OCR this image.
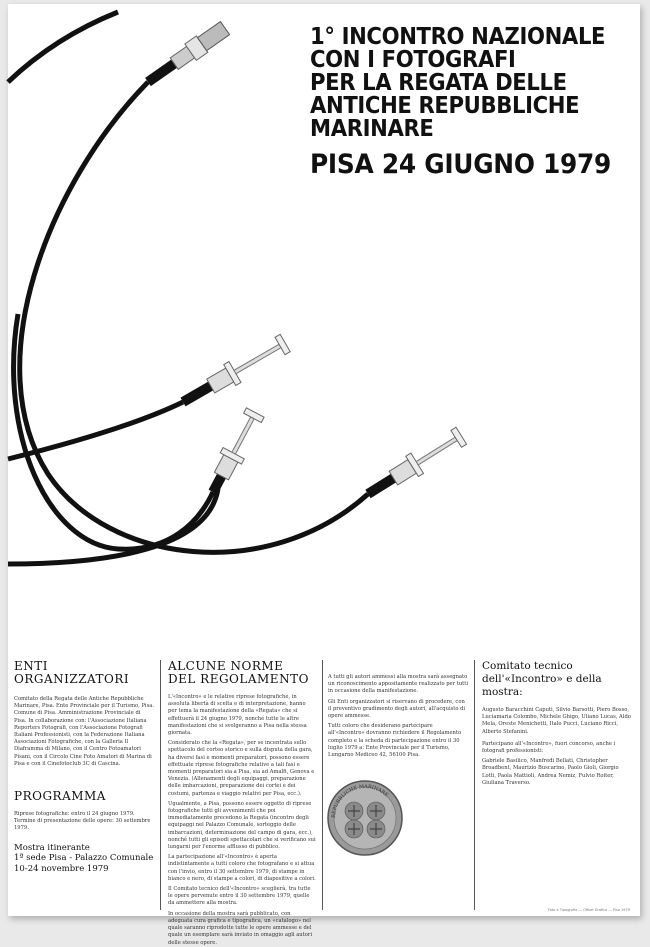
1° INCONTRO NAZIONALE
CON I FOTOGRAFI
PER LA REGATA DELLE
ANTICHE REPUBBLICHE
MARINARE
PISA 24 GIUGNO 1979
ENTI
ORGANIZZATORI
Comitato della Regata delle Antiche Repubbliche Marinare, Pisa. Ente Provinciale per il Turismo, Pisa. Comune di Pisa. Amministrazione Provinciale di Pisa. In collaborazione con: l'Associazione Italiana Reporters Fotografi, con l'Associazione Fotografi Italiani Professionisti, con la Federazione Italiana Associazioni Fotografiche, con la Galleria Il Diaframma di Milano, con il Centro Fotoamatori Pisani, con il Circolo Cine Foto Amatori di Marina di Pisa e con il Cinefotoclub 3C di Cascina.
PROGRAMMA
Riprese fotografiche: entro il 24 giugno 1979. Termine di presentazione delle opere: 30 settembre 1979.
Mostra itinerante
1ª sede Pisa - Palazzo Comunale
10-24 novembre 1979
ALCUNE NORME
DEL REGOLAMENTO

L'«Incontro» e le relative riprese fotografiche, in assoluta libertà di scelta e di interpretazione, hanno per tema la manifestazione della «Regata» che si effettuerà il 24 giugno 1979, nonché tutte le altre manifestazioni che si svolgeranno a Pisa nella stessa giornata.

Considerato che la «Regata», per se incentrata sullo spettacolo del corteo storico e sulla disputa della gara, ha diversi fasi e momenti preparatori, possono essere effettuate riprese fotografiche relative a tali fasi e momenti preparatori sia a Pisa, sia ad Amalfi, Genova e Venezia. (Allenamenti degli equipaggi, preparazione delle imbarcazioni, preparazione dei cortei e dei costumi, partenza e viaggio relativi per Pisa, ecc.).

Ugualmente, a Pisa, possono essere oggetto di riprese fotografiche tutti gli avvenimenti che poi immediatamente precedono la Regata (incontro degli equipaggi nel Palazzo Comunale, sorteggio delle imbarcazioni, determinazione del campo di gara, ecc.), nonché tutti gli episodi spettacolari che si verificano sui lungarni per l'enorme afflusso di pubblico.

La partecipazione all'«Incontro» è aperta indistintamente a tutti coloro che fotografano e si attua con l'invio, entro il 30 settembre 1979, di stampe in bianco e nero, di stampe a colori, di diapositive a colori.

Il Comitato tecnico dell'«Incontro» sceglierà, tra tutte le opere pervenute entro il 30 settembre 1979, quelle da ammettere alla mostra.

In occasione della mostra sarà pubblicato, con adeguata cura grafica e tipografica, un «catalogo» nel quale saranno riprodotte tutte le opere ammesse e del quale un esemplare sarà inviato in omaggio agli autori delle stesse opere.

A tutti gli autori ammessi alla mostra sarà assegnato un riconoscimento appositamente realizzato per tutti in occasione della manifestazione.

Gli Enti organizzatori si riservano di procedere, con il preventivo gradimento degli autori, all'acquisto di opere ammesse.

Tutti coloro che desiderano partecipare all'«Incontro» dovranno richiedere il Regolamento completo e la scheda di partecipazione entro il 30 luglio 1979 a: Ente Provinciale per il Turismo, Lungarno Mediceo 42, 56100 Pisa.

REPUBBLICHE MARINARE
Comitato tecnico
dell'«Incontro» e della mostra:

Augusto Baracchini Caputi, Silvio Barsotti, Piero Bosso, Luciamaria Colombo, Michele Ghigo, Uliano Lucas, Aldo Mela, Oreste Menichetti, Italo Pucci, Luciano Ricci, Alberto Stefanini.

Partecipano all'«Incontro», fuori concorso, anche i fotografi professionisti:

Gabriele Basilico, Manfredi Bellati, Christopher Broadbent, Maurizio Buscarino, Paolo Gioli, Giorgio Lotti, Paola Mattioli, Andrea Nemiz, Fulvio Roiter, Giuliana Traverso.

Foto e Tipografia — Offset Grafica — Pisa 1979
